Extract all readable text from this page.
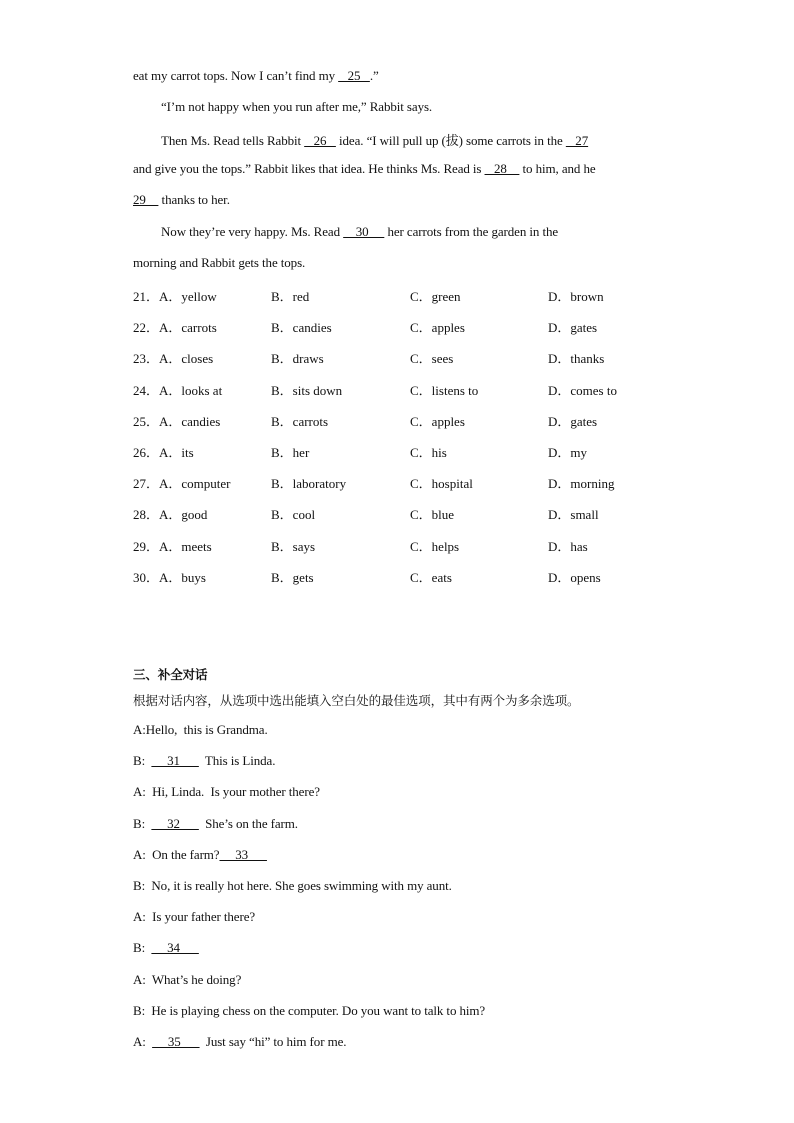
eat my carrot tops. Now I can’t find my    25   .”
“I’m not happy when you run after me,” Rabbit says.
Then Ms. Read tells Rabbit    26    idea. “I will pull up (拔) some carrots in the    27
and give you the tops.” Rabbit likes that idea. He thinks Ms. Read is    28     to him, and he
29     thanks to her.
Now they’re very happy. Ms. Read     30      her carrots from the garden in the
morning and Rabbit gets the tops.
21． A．yellow	B．red	C．green	D．brown
22． A．carrots	B．candies	C．apples	D．gates
23． A．closes	B．draws	C．sees	D．thanks
24． A．looks at	B．sits down	C．listens to	D．comes to
25． A．candies	B．carrots	C．apples	D．gates
26． A．its	B．her	C．his	D．my
27． A．computer	B．laboratory	C．hospital	D．morning
28． A．good	B．cool	C．blue	D．small
29． A．meets	B．says	C．helps	D．has
30． A．buys	B．gets	C．eats	D．opens
三、补全对话
根据对话内容，从选项中选出能填入空白处的最佳选项，其中有两个为多余选项。
A:Hello,  this is Grandma.
B:       31        This is Linda.
A:  Hi, Linda.  Is your mother there?
B:       32        She’s on the farm.
A:  On the farm?     33
B:  No, it is really hot here. She goes swimming with my aunt.
A:  Is your father there?
B:       34
A:  What’s he doing?
B:  He is playing chess on the computer. Do you want to talk to him?
A:       35        Just say “hi” to him for me.
